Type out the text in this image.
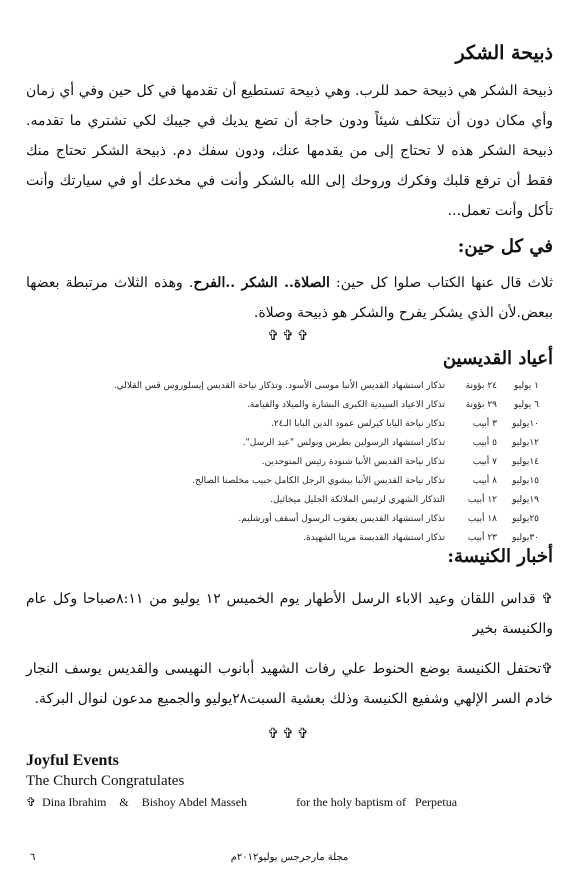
ذبيحة الشكر
ذبيحة الشكر هي ذبيحة حمد للرب. وهي ذبيحة تستطيع أن تقدمها في كل حين وفي أي زمان وأي مكان دون أن تتكلف شيئاً ودون حاجة أن تضع يديك في جيبك لكي تشتري ما تقدمه. ذبيحة الشكر هذه لا تحتاج إلى من يقدمها عنك، ودون سفك دم. ذبيحة الشكر تحتاج منك فقط أن ترفع قلبك وفكرك وروحك إلى الله بالشكر وأنت في مخدعك أو في سيارتك وأنت تأكل وأنت تعمل...
في كل حين:
ثلاث قال عنها الكتاب صلوا كل حين: الصلاة.. الشكر ..الفرح. وهذه الثلاث مرتبطة بعضها ببعض.لأن الذي يشكر يفرح والشكر هو ذبيحة وصلاة.
✞✞✞
أعياد القديسين
١ يوليو
٢٤ بؤونة
تذكار استشهاد القديس الأنبا موسى الأسود. وتذكار نياحة القديس إيسلوروس قس القلالي.
٦ يوليو
٢٩ بؤونة
تذكار الاعياد السيدية الكبرى البشارة والميلاد والقيامة.
١٠يوليو
٣ أبيب
تذكار نياحة البابا كيرلس عمود الدين البابا الـ٢٤.
١٢يوليو
٥ أبيب
تذكار استشهاد الرسولين بطرس وبولس "عيد الرسل".
١٤يوليو
٧ أبيب
تذكار نياحة القديس الأنبا شنودة رئيس المتوحدين.
١٥يوليو
٨ أبيب
تذكار نياحة القديس الأنبا بيشوي الرجل الكامل حبيب مخلصنا الصالح.
١٩يوليو
١٢ أبيب
التذكار الشهري لرئيس الملائكة الجليل ميخائيل.
٢٥يوليو
١٨ أبيب
تذكار استشهاد القديس يعقوب الرسول أسقف أورشليم.
٣٠يوليو
٢٣ أبيب
تذكار استشهاد القديسة مرينا الشهيدة.
أخبار الكنيسة:
✞ قداس اللقان وعيد الاباء الرسل الأطهار يوم الخميس ١٢ يوليو من ٨:١١صباحا وكل عام والكنيسة بخير
✞تحتفل الكنيسة بوضع الحنوط علي رفات الشهيد أبانوب النهيسى والقديس يوسف النجار خادم السر الإلهي وشفيع الكنيسة وذلك بعشية السبت٢٨يوليو والجميع مدعون لنوال البركة.
✞✞✞
Joyful Events
The Church Congratulates
✞ Dina Ibrahim & Bishoy Abdel Masseh	for the holy baptism of Perpetua
٦	مجلة مارجرجس يوليو٢٠١٢م
